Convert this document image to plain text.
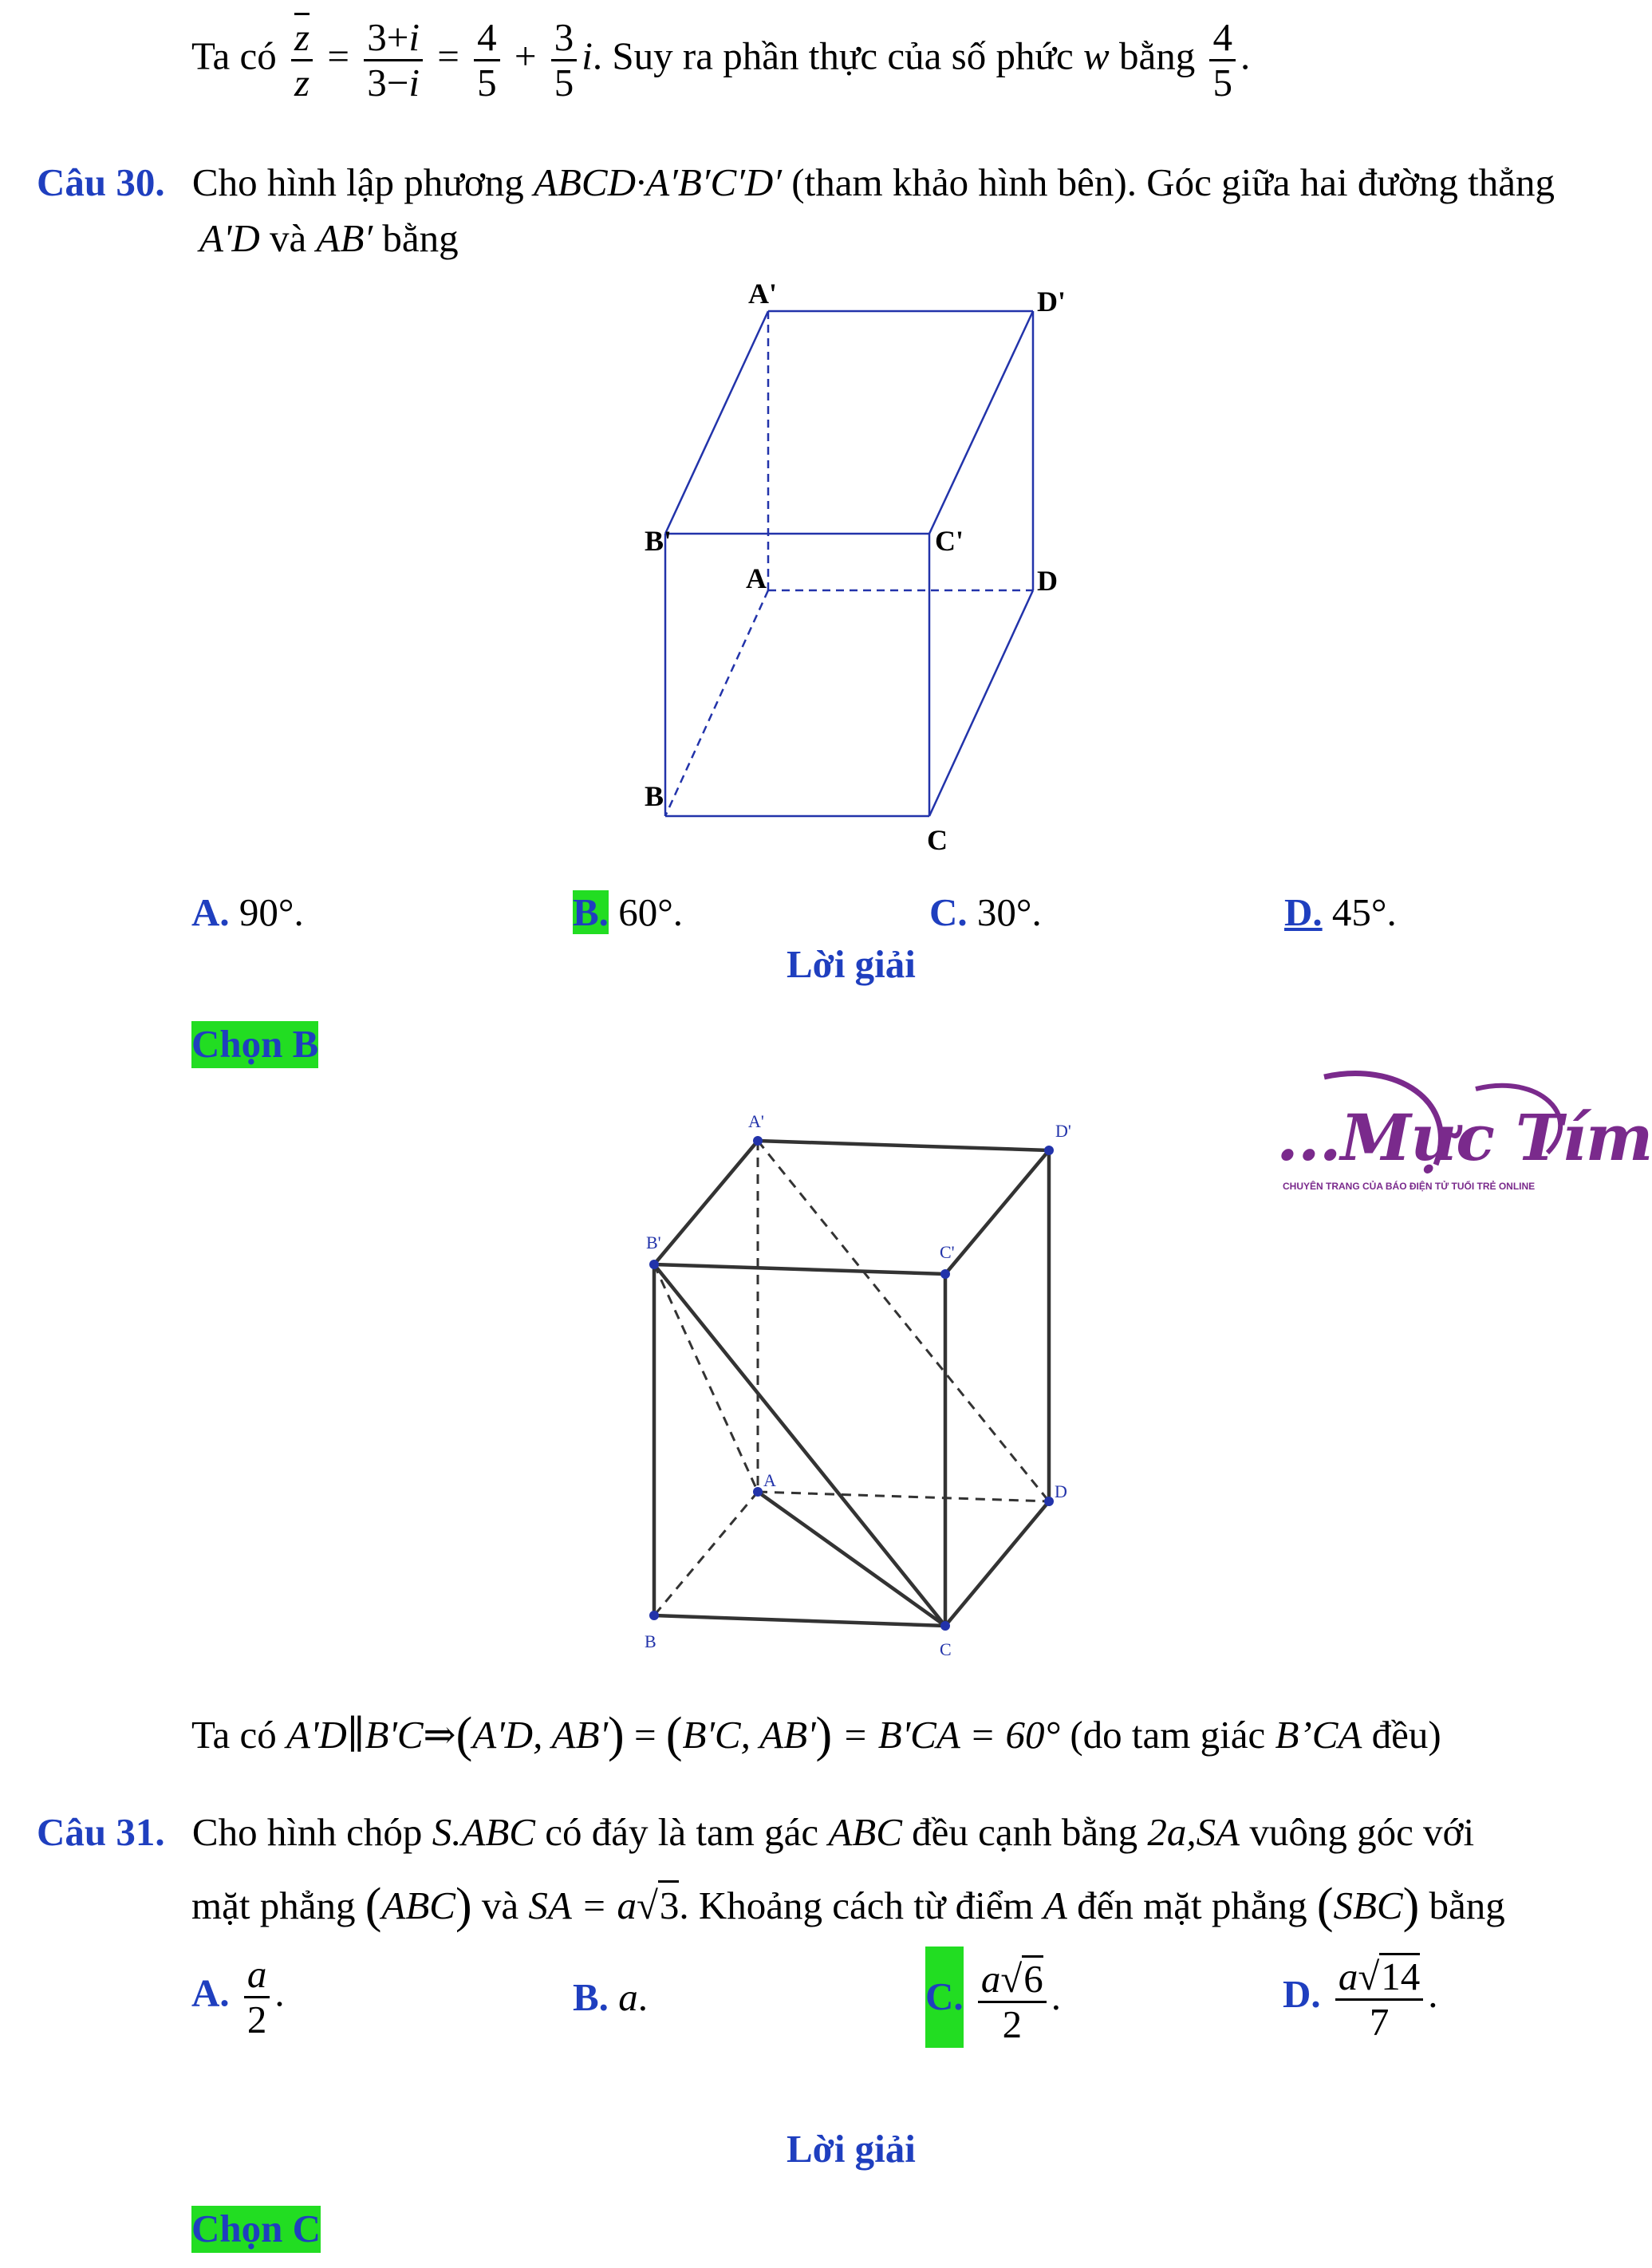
Ta có $\frac{z}{z} = \frac{3+i}{3-i} = \frac{4}{5} + \frac{3}{5} i$. Suy ra phần thực của số phức w bằng $\frac{4}{5}$ .
Câu 30. Cho hình lập phương ABCD·A′B′C′D′ (tham khảo hình bên). Góc giữa hai đường thẳng
A'D và AB′ bằng
A'	D'
B'	C'
A	D
B
C
A. 90°.	B. 60°.	C. 30°.	D. 45°.
Lời giải
Chọn B
A'	D'
B'	C'
A
D
B	C
...Mực Tím
CHUYÊN TRANG CỦA BÁO ĐIỆN TỬ TUỔI TRẺ ONLINE
Ta có A'D∥B'C⇒(A'D, AB') = (B'C, AB') = B'CA = 60° (do tam giác B’CA đều)
Câu 31. Cho hình chóp S.ABC có đáy là tam gác ABC đều cạnh bằng 2a,SA vuông góc với
mặt phẳng (ABC) và SA = a√3. Khoảng cách từ điểm A đến mặt phẳng (SBC) bằng
A. $\frac{a}{2}$ .	B. a.	C. $\frac{a√6}{2}$ .	D. $\frac{a√14}{7}$ .
Lời giải
Chọn C
